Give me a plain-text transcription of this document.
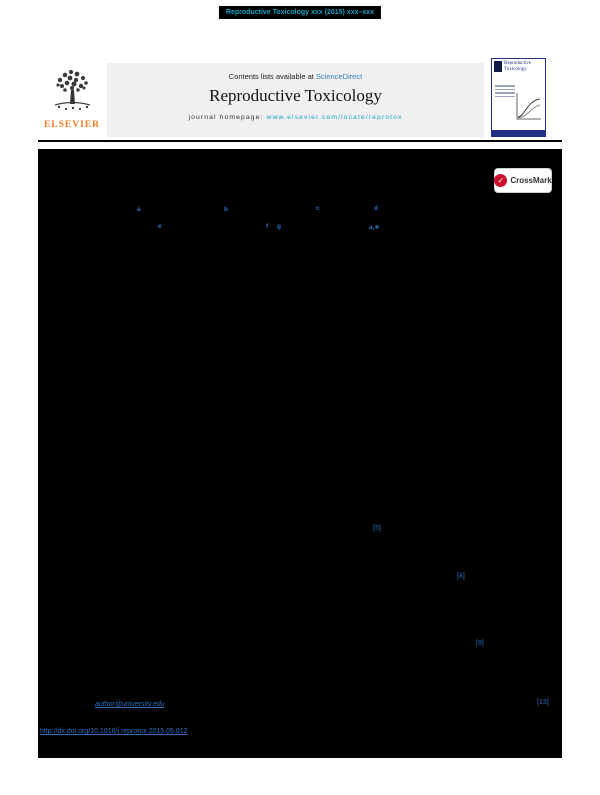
Reproductive Toxicology xxx (2015) xxx–xxx
ELSEVIER
Contents lists available at ScienceDirect
Reproductive Toxicology
journal homepage: www.elsevier.com/locate/reprotox
Reproductive
Toxicology
✓ CrossMark
a	b	c	d
e	f g	a,∗
[5]
[8]
[9]
[13]
author@university.edu
http://dx.doi.org/10.1016/j.reprotox.2015.05.012
